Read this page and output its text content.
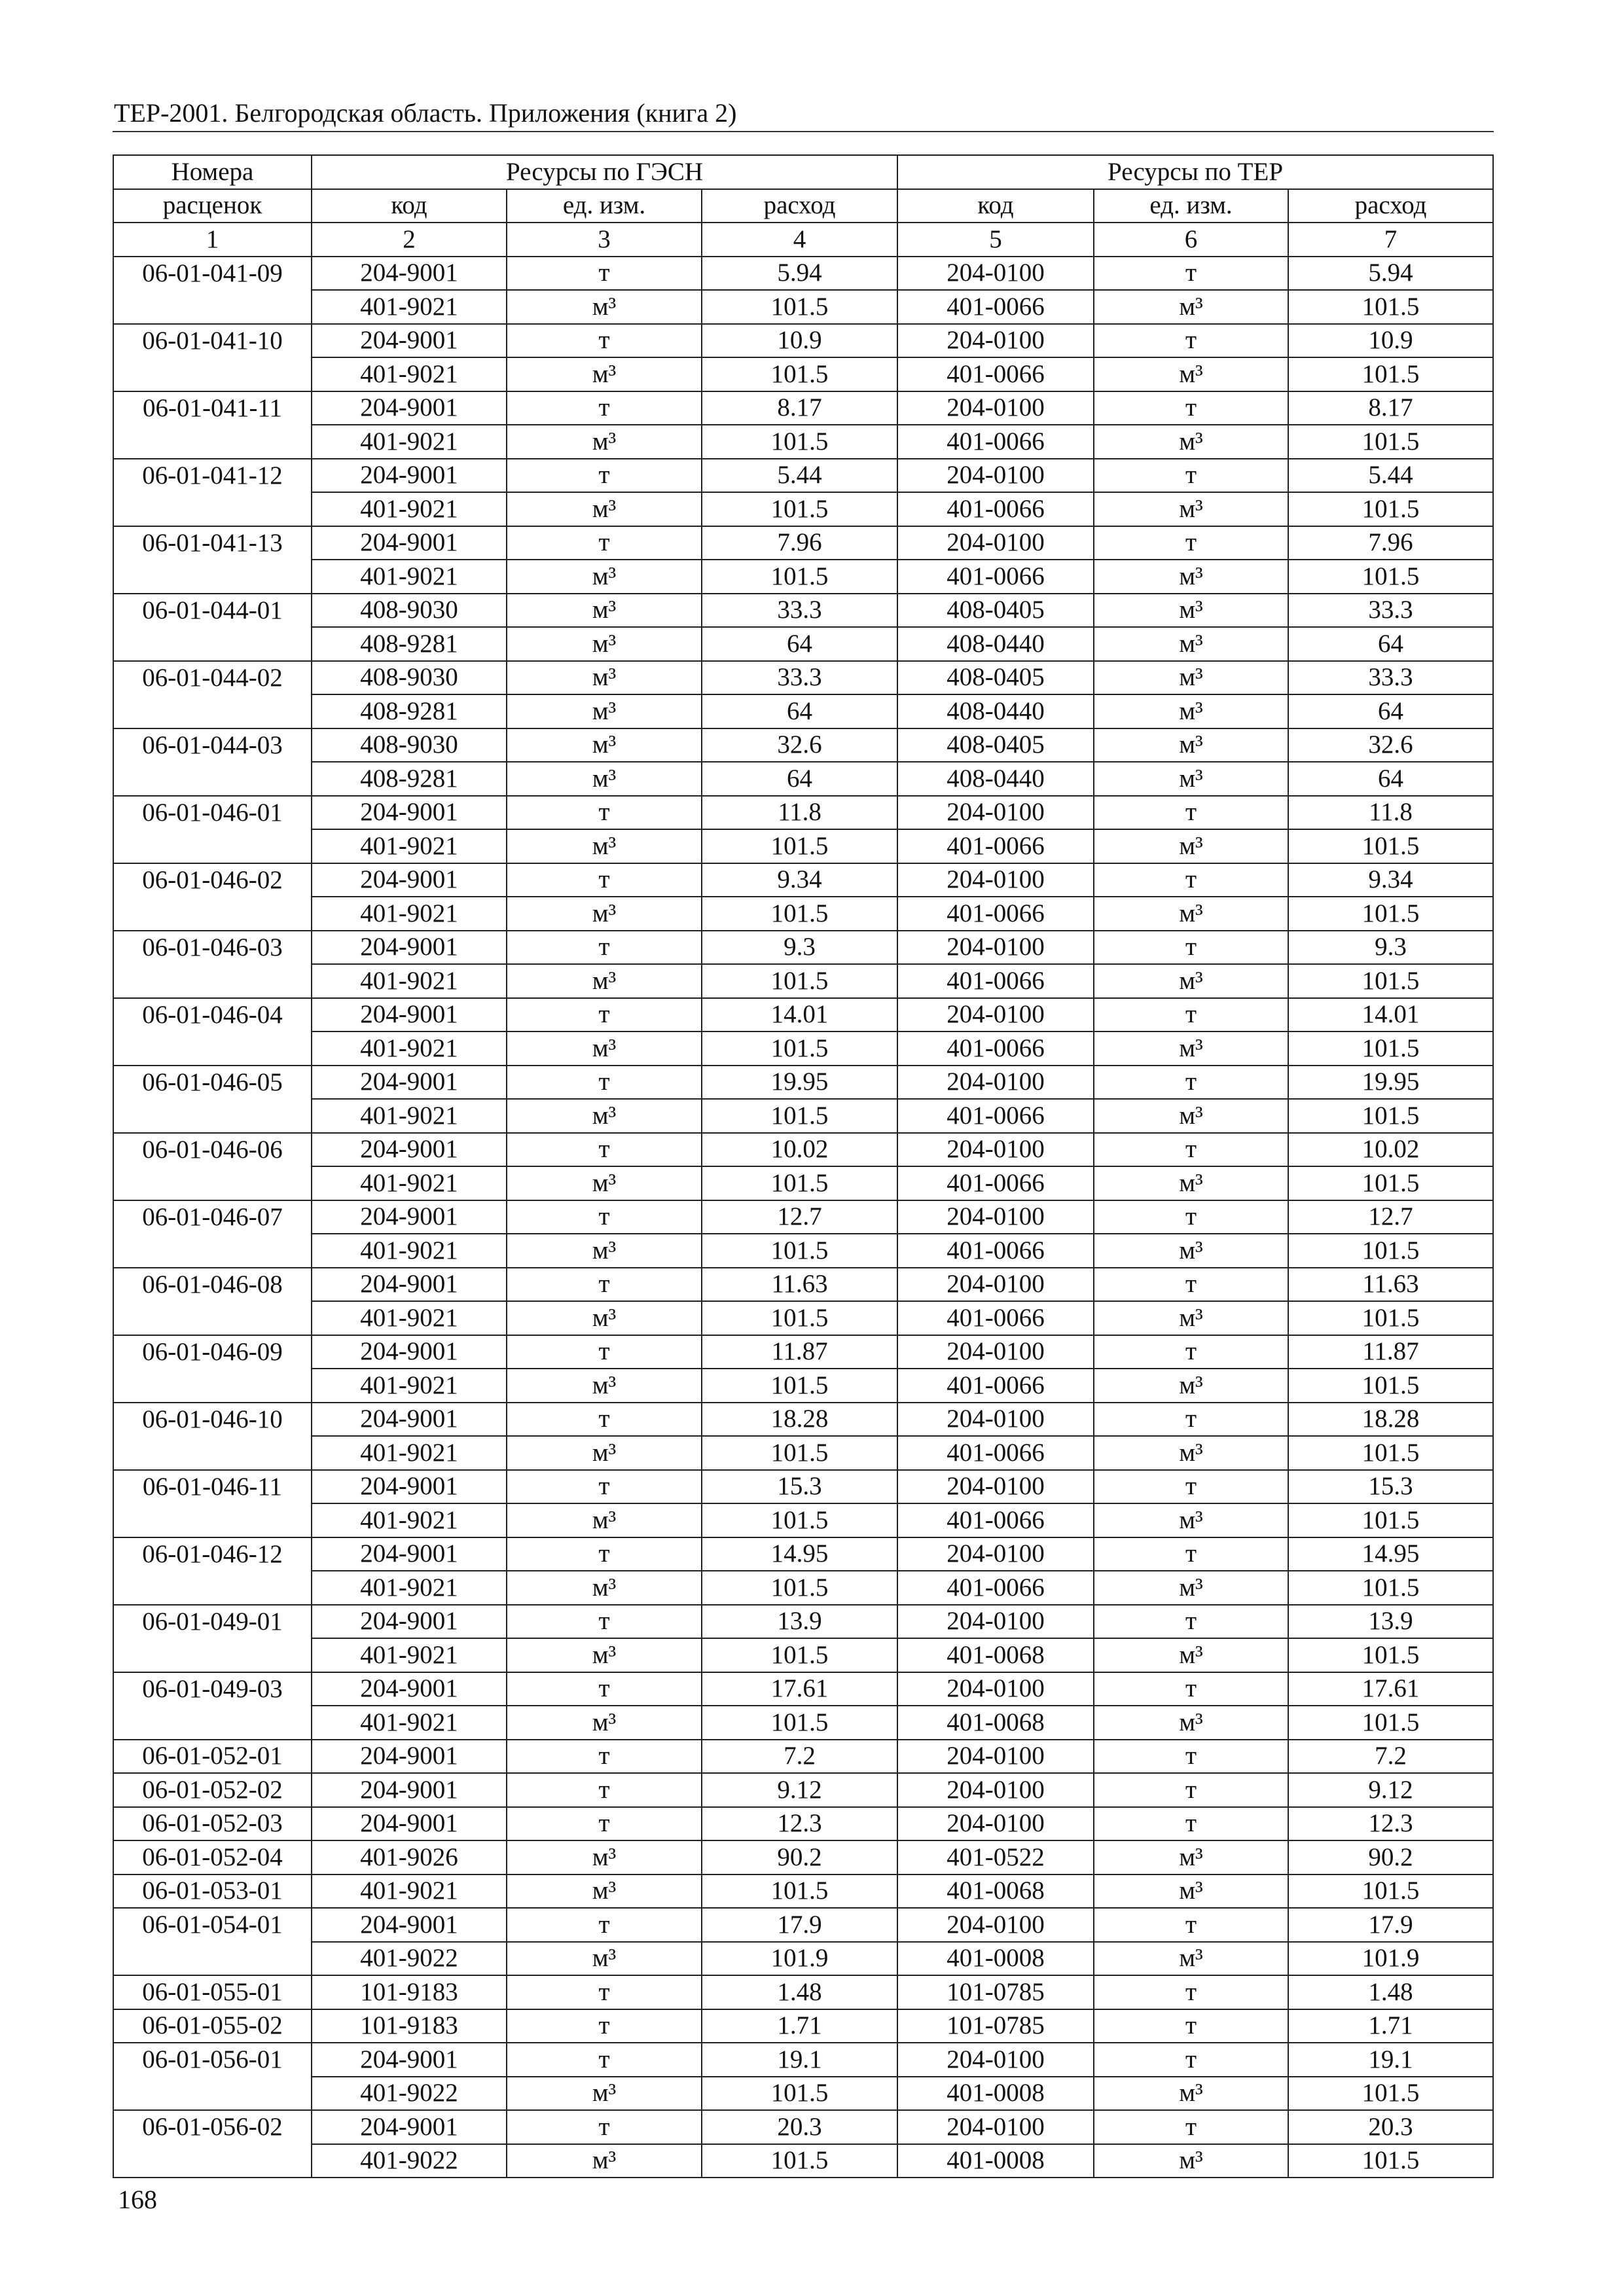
ТЕР-2001. Белгородская область. Приложения (книга 2)
Номера	Ресурсы по ГЭСН			Ресурсы по ТЕР		
расценок	код	ед. изм.	расход	код	ед. изм.	расход
1	2	3	4	5	6	7
06-01-041-09	204-9001	т	5.94	204-0100	т	5.94
	401-9021	м³	101.5	401-0066	м³	101.5
06-01-041-10	204-9001	т	10.9	204-0100	т	10.9
	401-9021	м³	101.5	401-0066	м³	101.5
06-01-041-11	204-9001	т	8.17	204-0100	т	8.17
	401-9021	м³	101.5	401-0066	м³	101.5
06-01-041-12	204-9001	т	5.44	204-0100	т	5.44
	401-9021	м³	101.5	401-0066	м³	101.5
06-01-041-13	204-9001	т	7.96	204-0100	т	7.96
	401-9021	м³	101.5	401-0066	м³	101.5
06-01-044-01	408-9030	м³	33.3	408-0405	м³	33.3
	408-9281	м³	64	408-0440	м³	64
06-01-044-02	408-9030	м³	33.3	408-0405	м³	33.3
	408-9281	м³	64	408-0440	м³	64
06-01-044-03	408-9030	м³	32.6	408-0405	м³	32.6
	408-9281	м³	64	408-0440	м³	64
06-01-046-01	204-9001	т	11.8	204-0100	т	11.8
	401-9021	м³	101.5	401-0066	м³	101.5
06-01-046-02	204-9001	т	9.34	204-0100	т	9.34
	401-9021	м³	101.5	401-0066	м³	101.5
06-01-046-03	204-9001	т	9.3	204-0100	т	9.3
	401-9021	м³	101.5	401-0066	м³	101.5
06-01-046-04	204-9001	т	14.01	204-0100	т	14.01
	401-9021	м³	101.5	401-0066	м³	101.5
06-01-046-05	204-9001	т	19.95	204-0100	т	19.95
	401-9021	м³	101.5	401-0066	м³	101.5
06-01-046-06	204-9001	т	10.02	204-0100	т	10.02
	401-9021	м³	101.5	401-0066	м³	101.5
06-01-046-07	204-9001	т	12.7	204-0100	т	12.7
	401-9021	м³	101.5	401-0066	м³	101.5
06-01-046-08	204-9001	т	11.63	204-0100	т	11.63
	401-9021	м³	101.5	401-0066	м³	101.5
06-01-046-09	204-9001	т	11.87	204-0100	т	11.87
	401-9021	м³	101.5	401-0066	м³	101.5
06-01-046-10	204-9001	т	18.28	204-0100	т	18.28
	401-9021	м³	101.5	401-0066	м³	101.5
06-01-046-11	204-9001	т	15.3	204-0100	т	15.3
	401-9021	м³	101.5	401-0066	м³	101.5
06-01-046-12	204-9001	т	14.95	204-0100	т	14.95
	401-9021	м³	101.5	401-0066	м³	101.5
06-01-049-01	204-9001	т	13.9	204-0100	т	13.9
	401-9021	м³	101.5	401-0068	м³	101.5
06-01-049-03	204-9001	т	17.61	204-0100	т	17.61
	401-9021	м³	101.5	401-0068	м³	101.5
06-01-052-01	204-9001	т	7.2	204-0100	т	7.2
06-01-052-02	204-9001	т	9.12	204-0100	т	9.12
06-01-052-03	204-9001	т	12.3	204-0100	т	12.3
06-01-052-04	401-9026	м³	90.2	401-0522	м³	90.2
06-01-053-01	401-9021	м³	101.5	401-0068	м³	101.5
06-01-054-01	204-9001	т	17.9	204-0100	т	17.9
	401-9022	м³	101.9	401-0008	м³	101.9
06-01-055-01	101-9183	т	1.48	101-0785	т	1.48
06-01-055-02	101-9183	т	1.71	101-0785	т	1.71
06-01-056-01	204-9001	т	19.1	204-0100	т	19.1
	401-9022	м³	101.5	401-0008	м³	101.5
06-01-056-02	204-9001	т	20.3	204-0100	т	20.3
	401-9022	м³	101.5	401-0008	м³	101.5
168
